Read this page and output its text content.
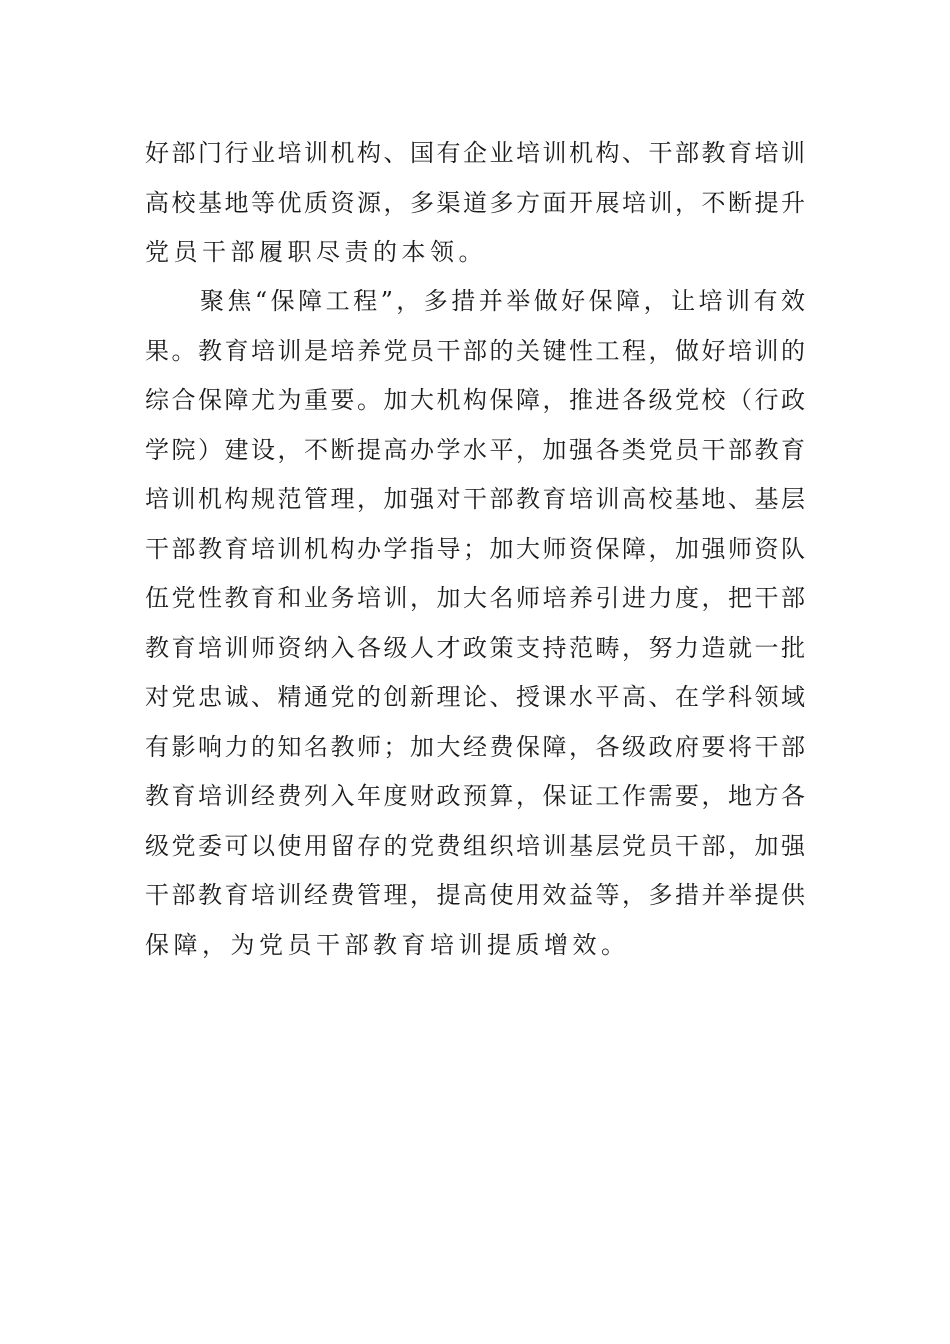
好部门行业培训机构、国有企业培训机构、干部教育培训
高校基地等优质资源，多渠道多方面开展培训，不断提升
党员干部履职尽责的本领。
　　聚焦“保障工程”，多措并举做好保障，让培训有效
果。教育培训是培养党员干部的关键性工程，做好培训的
综合保障尤为重要。加大机构保障，推进各级党校（行政
学院）建设，不断提高办学水平，加强各类党员干部教育
培训机构规范管理，加强对干部教育培训高校基地、基层
干部教育培训机构办学指导；加大师资保障，加强师资队
伍党性教育和业务培训，加大名师培养引进力度，把干部
教育培训师资纳入各级人才政策支持范畴，努力造就一批
对党忠诚、精通党的创新理论、授课水平高、在学科领域
有影响力的知名教师；加大经费保障，各级政府要将干部
教育培训经费列入年度财政预算，保证工作需要，地方各
级党委可以使用留存的党费组织培训基层党员干部，加强
干部教育培训经费管理，提高使用效益等，多措并举提供
保障，为党员干部教育培训提质增效。
